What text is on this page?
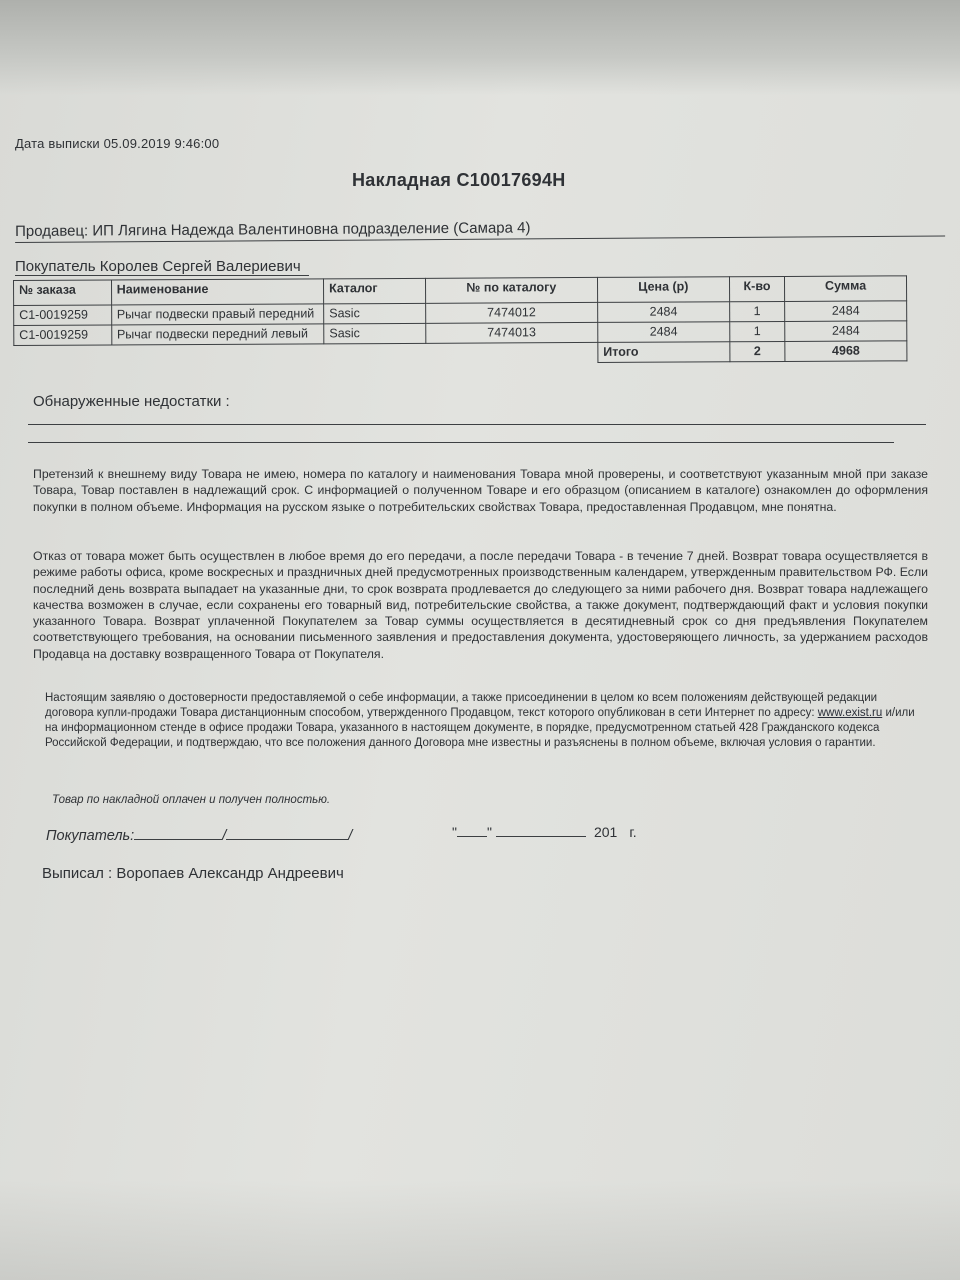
Дата выписки 05.09.2019 9:46:00
Накладная С10017694Н
Продавец: ИП Лягина Надежда Валентиновна подразделение (Самара 4)
Покупатель Королев Сергей Валериевич
№ заказа	Наименование	Каталог	№ по каталогу	Цена (р)	К-во	Сумма
С1-0019259	Рычаг подвески правый передний	Sasic	7474012	2484	1	2484
С1-0019259	Рычаг подвески передний левый	Sasic	7474013	2484	1	2484
				Итого	2	4968
Обнаруженные недостатки :
Претензий к внешнему виду Товара не имею, номера по каталогу и наименования Товара мной проверены, и соответствуют указанным мной при заказе Товара, Товар поставлен в надлежащий срок. С информацией о полученном Товаре и его образцом (описанием в каталоге) ознакомлен до оформления покупки в полном объеме. Информация на русском языке о потребительских свойствах Товара, предоставленная Продавцом, мне понятна.
Отказ от товара может быть осуществлен в любое время до его передачи, а после передачи Товара - в течение 7 дней. Возврат товара осуществляется в режиме работы офиса, кроме воскресных и праздничных дней предусмотренных производственным календарем, утвержденным правительством РФ. Если последний день возврата выпадает на указанные дни, то срок возврата продлевается до следующего за ними рабочего дня. Возврат товара надлежащего качества возможен в случае, если сохранены его товарный вид, потребительские свойства, а также документ, подтверждающий факт и условия покупки указанного Товара. Возврат уплаченной Покупателем за Товар суммы осуществляется в десятидневный срок со дня предъявления Покупателем соответствующего требования, на основании письменного заявления и предоставления документа, удостоверяющего личность, за удержанием расходов Продавца на доставку возвращенного Товара от Покупателя.
Настоящим заявляю о достоверности предоставляемой о себе информации, а также присоединении в целом ко всем положениям действующей редакции договора купли-продажи Товара дистанционным способом, утвержденного Продавцом, текст которого опубликован в сети Интернет по адресу: www.exist.ru и/или на информационном стенде в офисе продажи Товара, указанного в настоящем документе, в порядке, предусмотренном статьей 428 Гражданского кодекса Российской Федерации, и подтверждаю, что все положения данного Договора мне известны и разъяснены в полном объеме, включая условия о гарантии.
Товар по накладной оплачен и получен полностью.
Покупатель:	/	/	" "	201 г.
Выписал : Воропаев Александр Андреевич
